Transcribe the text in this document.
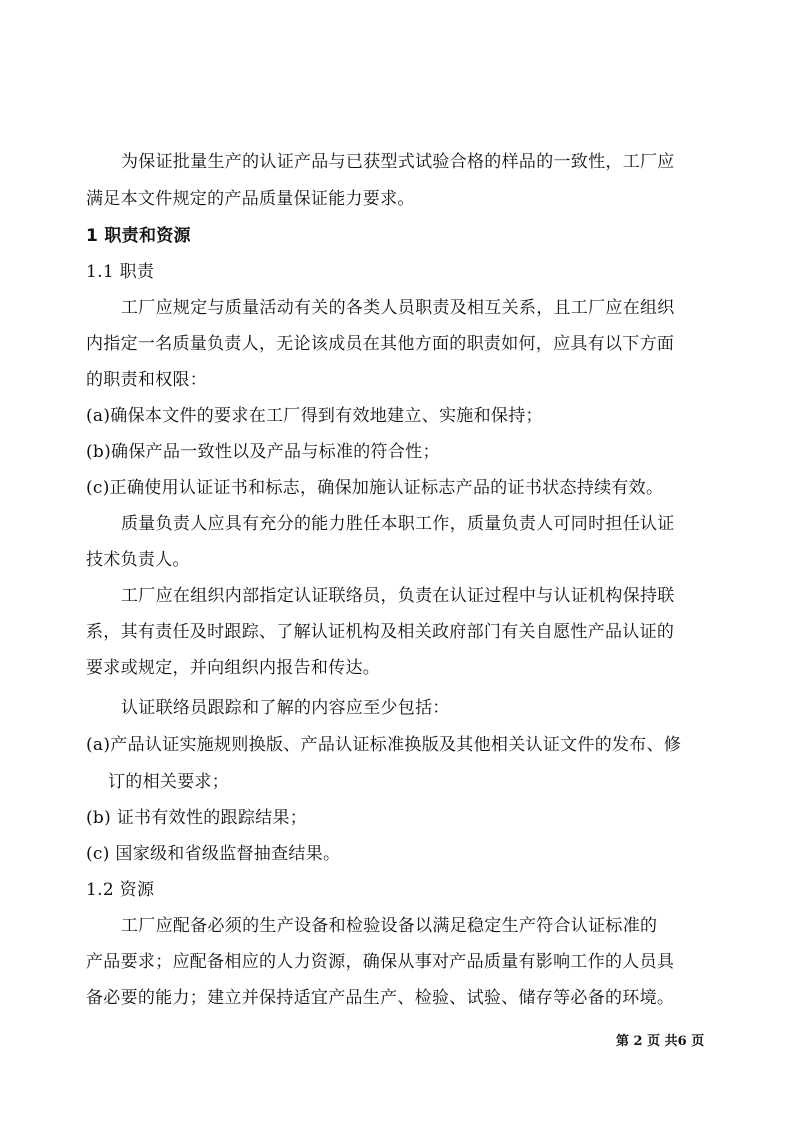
为保证批量生产的认证产品与已获型式试验合格的样品的一致性，工厂应
满足本文件规定的产品质量保证能力要求。
1 职责和资源
1.1 职责
工厂应规定与质量活动有关的各类人员职责及相互关系，且工厂应在组织
内指定一名质量负责人，无论该成员在其他方面的职责如何，应具有以下方面
的职责和权限：
(a)确保本文件的要求在工厂得到有效地建立、实施和保持；
(b)确保产品一致性以及产品与标准的符合性；
(c)正确使用认证证书和标志，确保加施认证标志产品的证书状态持续有效。
质量负责人应具有充分的能力胜任本职工作，质量负责人可同时担任认证
技术负责人。
工厂应在组织内部指定认证联络员，负责在认证过程中与认证机构保持联
系，其有责任及时跟踪、了解认证机构及相关政府部门有关自愿性产品认证的
要求或规定，并向组织内报告和传达。
认证联络员跟踪和了解的内容应至少包括：
(a)产品认证实施规则换版、产品认证标准换版及其他相关认证文件的发布、修
订的相关要求；
(b) 证书有效性的跟踪结果；
(c) 国家级和省级监督抽查结果。
1.2 资源
工厂应配备必须的生产设备和检验设备以满足稳定生产符合认证标准的
产品要求；应配备相应的人力资源，确保从事对产品质量有影响工作的人员具
备必要的能力；建立并保持适宜产品生产、检验、试验、储存等必备的环境。
第 2 页 共6 页
